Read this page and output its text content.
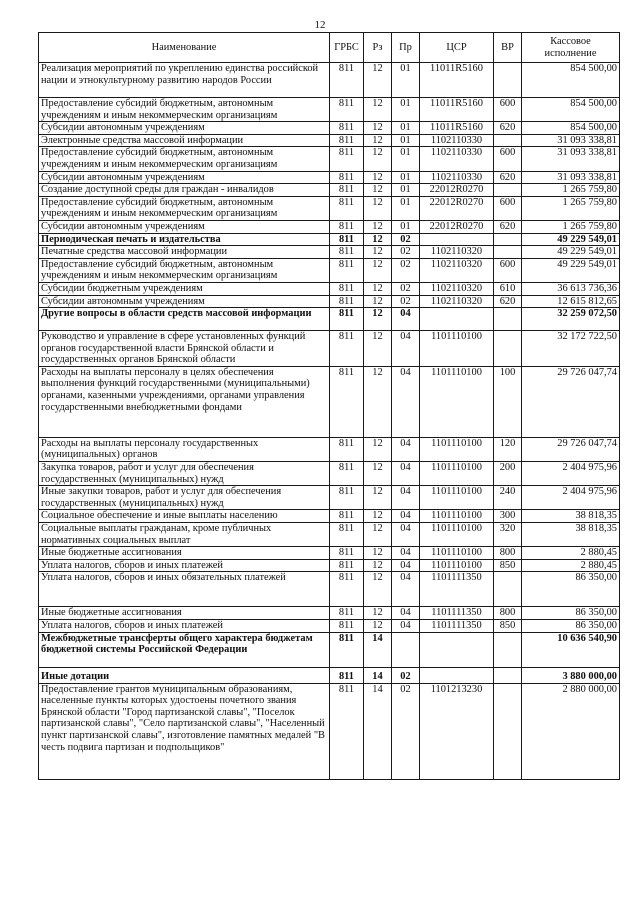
12
Наименование	ГРБС	Рз	Пр	ЦСР	ВР	Кассовое исполнение
Реализация мероприятий по укреплению единства российской нации и этнокультурному развитию народов России	811	12	01	11011R5160		854 500,00
Предоставление субсидий бюджетным, автономным учреждениям и иным некоммерческим организациям	811	12	01	11011R5160	600	854 500,00
Субсидии автономным учреждениям	811	12	01	11011R5160	620	854 500,00
Электронные средства массовой информации	811	12	01	1102110330		31 093 338,81
Предоставление субсидий бюджетным, автономным учреждениям и иным некоммерческим организациям	811	12	01	1102110330	600	31 093 338,81
Субсидии автономным учреждениям	811	12	01	1102110330	620	31 093 338,81
Создание доступной среды для граждан - инвалидов	811	12	01	22012R0270		1 265 759,80
Предоставление субсидий бюджетным, автономным учреждениям и иным некоммерческим организациям	811	12	01	22012R0270	600	1 265 759,80
Субсидии автономным учреждениям	811	12	01	22012R0270	620	1 265 759,80
Периодическая печать и издательства	811	12	02			49 229 549,01
Печатные средства массовой информации	811	12	02	1102110320		49 229 549,01
Предоставление субсидий бюджетным, автономным учреждениям и иным некоммерческим организациям	811	12	02	1102110320	600	49 229 549,01
Субсидии бюджетным учреждениям	811	12	02	1102110320	610	36 613 736,36
Субсидии автономным учреждениям	811	12	02	1102110320	620	12 615 812,65
Другие вопросы в области средств массовой информации	811	12	04			32 259 072,50
Руководство и управление в сфере установленных функций органов государственной власти Брянской области и государственных органов Брянской области	811	12	04	1101110100		32 172 722,50
Расходы на выплаты персоналу в целях обеспечения выполнения функций государственными (муниципальными) органами, казенными учреждениями, органами управления государственными внебюджетными фондами	811	12	04	1101110100	100	29 726 047,74
Расходы на выплаты персоналу государственных (муниципальных) органов	811	12	04	1101110100	120	29 726 047,74
Закупка товаров, работ и услуг для обеспечения государственных (муниципальных) нужд	811	12	04	1101110100	200	2 404 975,96
Иные закупки товаров, работ и услуг для обеспечения государственных (муниципальных) нужд	811	12	04	1101110100	240	2 404 975,96
Социальное обеспечение и иные выплаты населению	811	12	04	1101110100	300	38 818,35
Социальные выплаты гражданам, кроме публичных нормативных социальных выплат	811	12	04	1101110100	320	38 818,35
Иные бюджетные ассигнования	811	12	04	1101110100	800	2 880,45
Уплата налогов, сборов и иных платежей	811	12	04	1101110100	850	2 880,45
Уплата налогов, сборов и иных обязательных платежей	811	12	04	1101111350		86 350,00
Иные бюджетные ассигнования	811	12	04	1101111350	800	86 350,00
Уплата налогов, сборов и иных платежей	811	12	04	1101111350	850	86 350,00
Межбюджетные трансферты общего характера бюджетам бюджетной системы Российской Федерации	811	14				10 636 540,90
Иные дотации	811	14	02			3 880 000,00
Предоставление грантов муниципальным образованиям, населенные пункты которых удостоены почетного звания Брянской области "Город партизанской славы", "Поселок партизанской славы", "Село партизанской славы", "Населенный пункт партизанской славы", изготовление памятных медалей "В честь подвига партизан и подпольщиков"	811	14	02	1101213230		2 880 000,00
